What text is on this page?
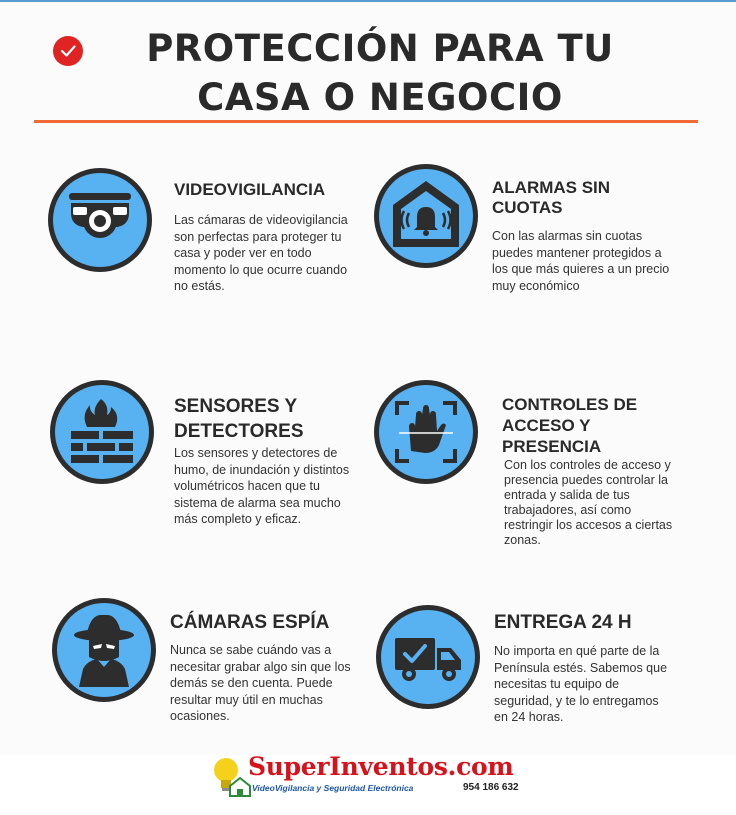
PROTECCIÓN PARA TU
CASA O NEGOCIO
VIDEOVIGILANCIA
Las cámaras de videovigilancia son perfectas para proteger tu casa y poder ver en todo momento lo que ocurre cuando no estás.
ALARMAS SIN CUOTAS
Con las alarmas sin cuotas puedes mantener protegidos a los que más quieres a un precio muy económico
SENSORES Y DETECTORES
Los sensores y detectores de humo, de inundación y distintos volumétricos hacen que tu sistema de alarma sea mucho más completo y eficaz.
CONTROLES DE ACCESO Y PRESENCIA
Con los controles de acceso y presencia puedes controlar la entrada y salida de tus trabajadores, así como restringir los accesos a ciertas zonas.
CÁMARAS ESPÍA
Nunca se sabe cuándo vas a necesitar grabar algo sin que los demás se den cuenta. Puede resultar muy útil en muchas ocasiones.
ENTREGA 24 H
No importa en qué parte de la Península estés. Sabemos que necesitas tu equipo de seguridad, y te lo entregamos en 24 horas.
SuperInventos.com
VideoVigilancia y Seguridad Electrónica	954 186 632
